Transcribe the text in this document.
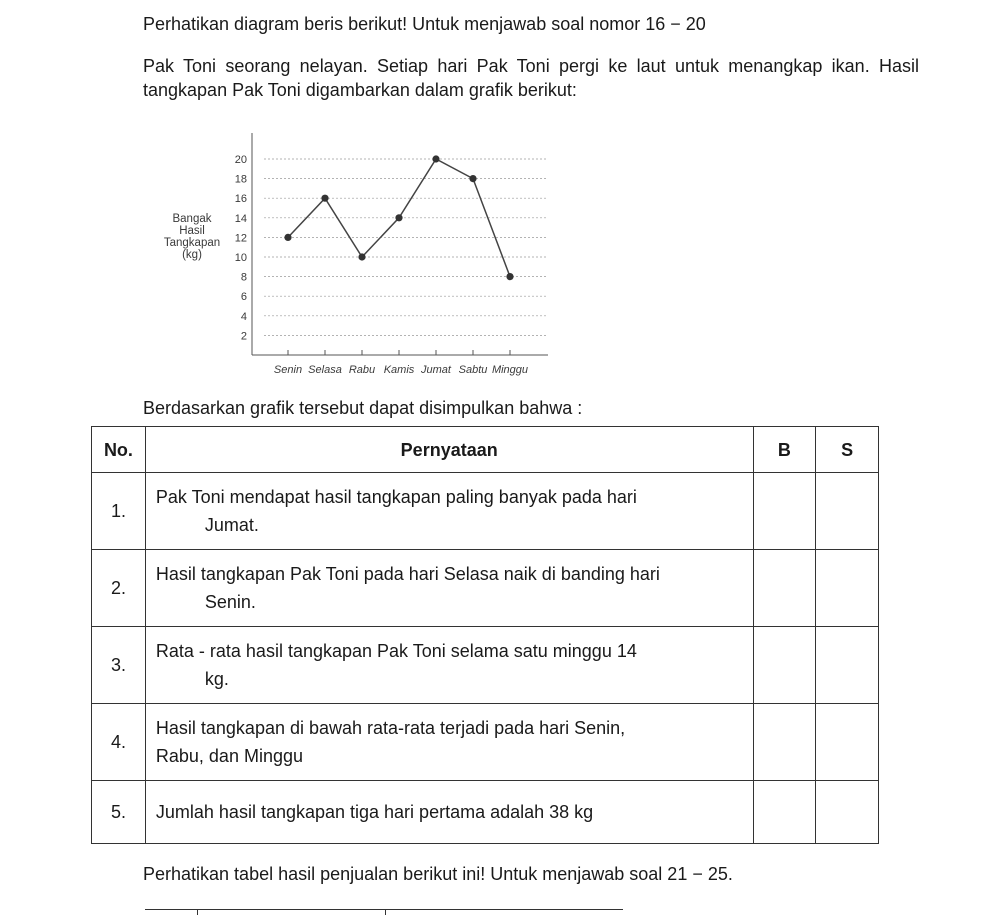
Perhatikan diagram beris berikut! Untuk menjawab soal nomor 16 − 20
Pak Toni seorang nelayan. Setiap hari Pak Toni pergi ke laut untuk menangkap ikan. Hasil tangkapan Pak Toni digambarkan dalam grafik berikut:
Bangak
Hasil
Tangkapan
(kg)
2
4
6
8
10
12
14
16
18
20
Senin Selasa Rabu Kamis Jumat Sabtu Minggu
Berdasarkan grafik tersebut dapat disimpulkan bahwa :
No.	Pernyataan	B	S
1.	Pak Toni mendapat hasil tangkapan paling banyak pada hari
Jumat.		

2.	Hasil tangkapan Pak Toni pada hari Selasa naik di banding hari
Senin.		

3.	Rata - rata hasil tangkapan Pak Toni selama satu minggu 14
kg.		

4.	Hasil tangkapan di bawah rata-rata terjadi pada hari Senin,
Rabu, dan Minggu		

5.	Jumlah hasil tangkapan tiga hari pertama adalah 38 kg		

Perhatikan tabel hasil penjualan berikut ini! Untuk menjawab soal 21 − 25.
